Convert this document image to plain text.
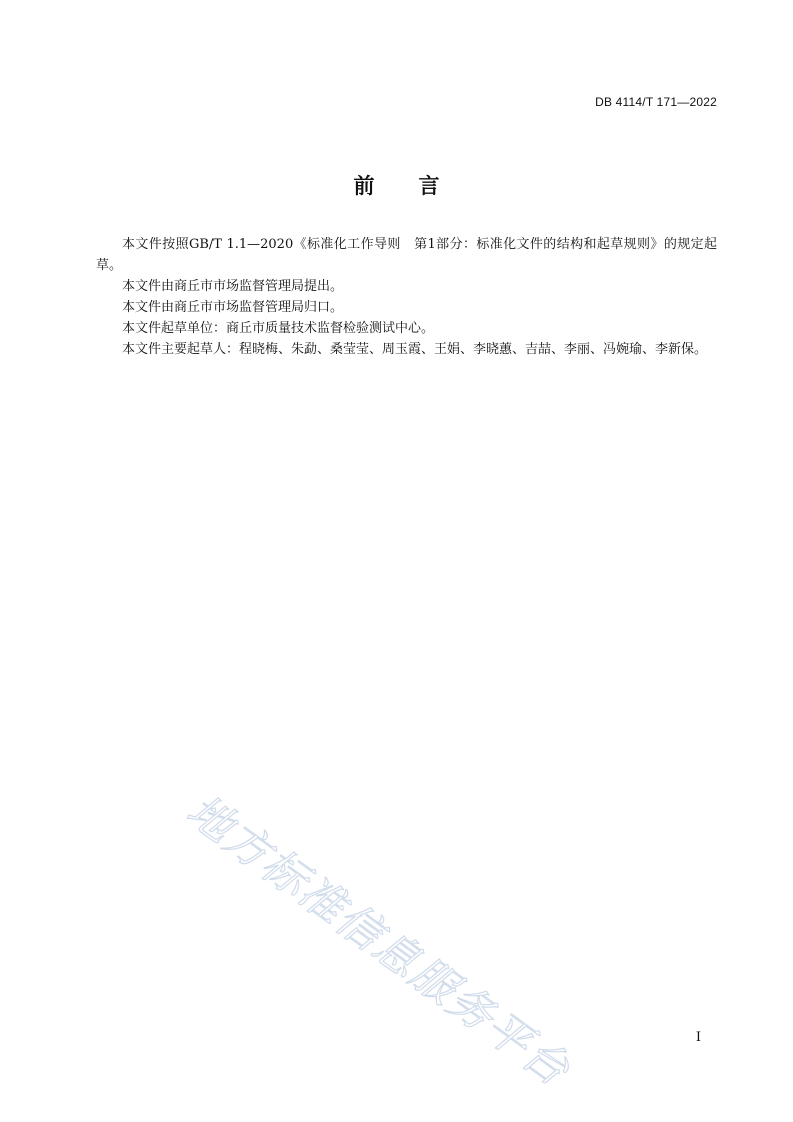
DB 4114/T 171—2022
前言

本文件按照GB/T 1.1—2020《标准化工作导则　第1部分：标准化文件的结构和起草规则》的规定起草。

本文件由商丘市市场监督管理局提出。

本文件由商丘市市场监督管理局归口。

本文件起草单位：商丘市质量技术监督检验测试中心。

本文件主要起草人：程晓梅、朱勐、桑莹莹、周玉霞、王娟、李晓蕙、吉喆、李丽、冯婉瑜、李新保。

地方标准信息服务平台	I
